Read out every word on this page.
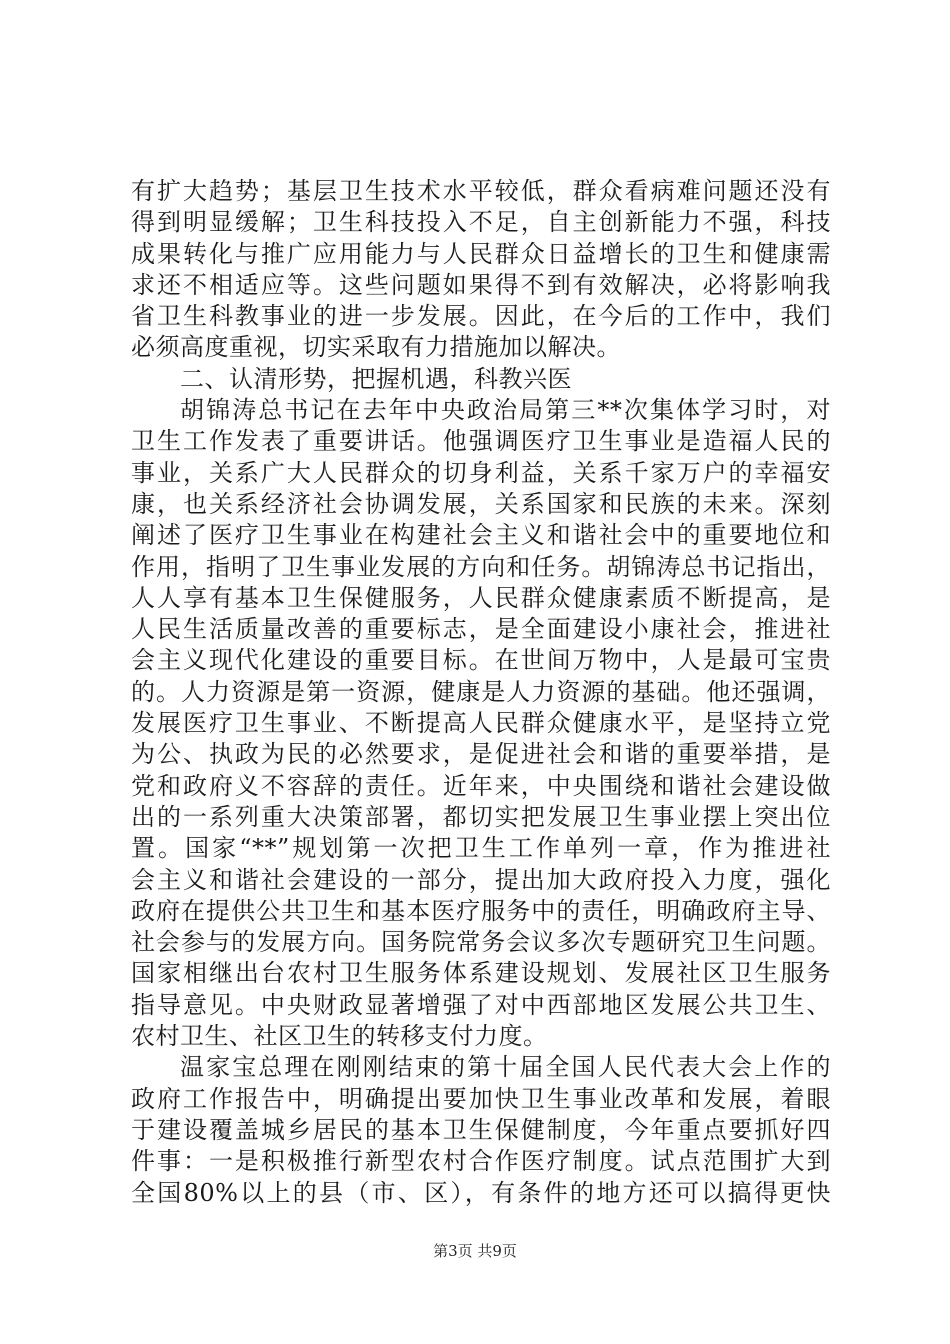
有扩大趋势；基层卫生技术水平较低，群众看病难问题还没有
得到明显缓解；卫生科技投入不足，自主创新能力不强，科技
成果转化与推广应用能力与人民群众日益增长的卫生和健康需
求还不相适应等。这些问题如果得不到有效解决，必将影响我
省卫生科教事业的进一步发展。因此，在今后的工作中，我们
必须高度重视，切实采取有力措施加以解决。
二、认清形势，把握机遇，科教兴医
胡锦涛总书记在去年中央政治局第三**次集体学习时，对
卫生工作发表了重要讲话。他强调医疗卫生事业是造福人民的
事业，关系广大人民群众的切身利益，关系千家万户的幸福安
康，也关系经济社会协调发展，关系国家和民族的未来。深刻
阐述了医疗卫生事业在构建社会主义和谐社会中的重要地位和
作用，指明了卫生事业发展的方向和任务。胡锦涛总书记指出，
人人享有基本卫生保健服务，人民群众健康素质不断提高，是
人民生活质量改善的重要标志，是全面建设小康社会，推进社
会主义现代化建设的重要目标。在世间万物中，人是最可宝贵
的。人力资源是第一资源，健康是人力资源的基础。他还强调，
发展医疗卫生事业、不断提高人民群众健康水平，是坚持立党
为公、执政为民的必然要求，是促进社会和谐的重要举措，是
党和政府义不容辞的责任。近年来，中央围绕和谐社会建设做
出的一系列重大决策部署，都切实把发展卫生事业摆上突出位
置。国家“**”规划第一次把卫生工作单列一章，作为推进社
会主义和谐社会建设的一部分，提出加大政府投入力度，强化
政府在提供公共卫生和基本医疗服务中的责任，明确政府主导、
社会参与的发展方向。国务院常务会议多次专题研究卫生问题。
国家相继出台农村卫生服务体系建设规划、发展社区卫生服务
指导意见。中央财政显著增强了对中西部地区发展公共卫生、
农村卫生、社区卫生的转移支付力度。
温家宝总理在刚刚结束的第十届全国人民代表大会上作的
政府工作报告中，明确提出要加快卫生事业改革和发展，着眼
于建设覆盖城乡居民的基本卫生保健制度，今年重点要抓好四
件事：一是积极推行新型农村合作医疗制度。试点范围扩大到
全国80%以上的县（市、区），有条件的地方还可以搞得更快
第3页 共9页
